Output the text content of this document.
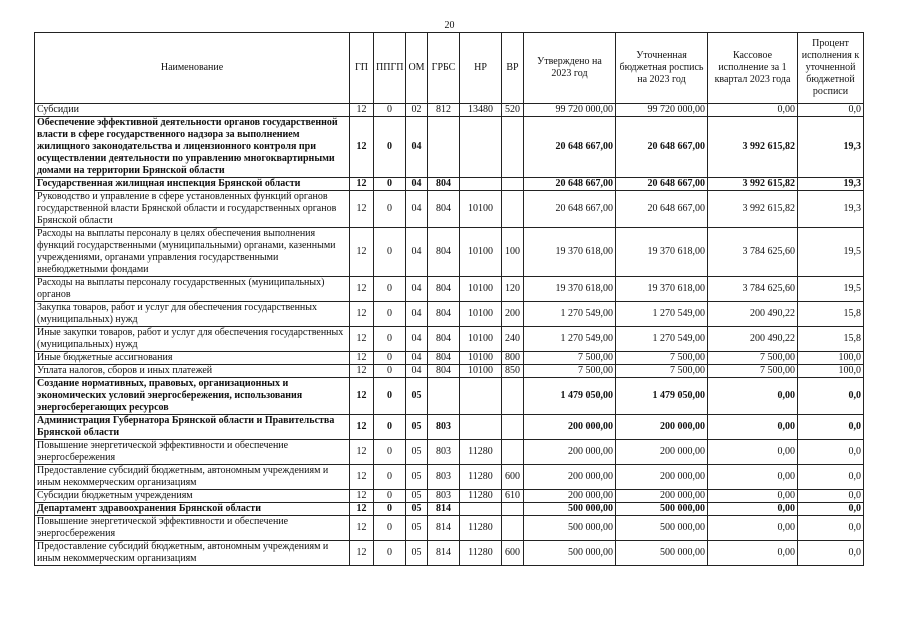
20
Наименование	ГП	ППГП	ОМ	ГРБС	НР	ВР	Утверждено на 2023 год	Уточненная бюджетная роспись на 2023 год	Кассовое исполнение за 1 квартал 2023 года	Процент исполнения к уточненной бюджетной росписи
Субсидии	12	0	02	812	13480	520	99 720 000,00	99 720 000,00	0,00	0,0
Обеспечение эффективной деятельности органов государственной власти в сфере государственного надзора за выполнением жилищного законодательства и лицензионного контроля при осуществлении деятельности по управлению многоквартирными домами на территории Брянской области	12	0	04				20 648 667,00	20 648 667,00	3 992 615,82	19,3
Государственная жилищная инспекция Брянской области	12	0	04	804			20 648 667,00	20 648 667,00	3 992 615,82	19,3
Руководство и управление в сфере установленных функций органов государственной власти Брянской области и государственных органов Брянской области	12	0	04	804	10100		20 648 667,00	20 648 667,00	3 992 615,82	19,3
Расходы на выплаты персоналу в целях обеспечения выполнения функций государственными (муниципальными) органами, казенными учреждениями, органами управления государственными внебюджетными фондами	12	0	04	804	10100	100	19 370 618,00	19 370 618,00	3 784 625,60	19,5
Расходы на выплаты персоналу государственных (муниципальных) органов	12	0	04	804	10100	120	19 370 618,00	19 370 618,00	3 784 625,60	19,5
Закупка товаров, работ и услуг для обеспечения государственных (муниципальных) нужд	12	0	04	804	10100	200	1 270 549,00	1 270 549,00	200 490,22	15,8
Иные закупки товаров, работ и услуг для обеспечения государственных (муниципальных) нужд	12	0	04	804	10100	240	1 270 549,00	1 270 549,00	200 490,22	15,8
Иные бюджетные ассигнования	12	0	04	804	10100	800	7 500,00	7 500,00	7 500,00	100,0
Уплата налогов, сборов и иных платежей	12	0	04	804	10100	850	7 500,00	7 500,00	7 500,00	100,0
Создание нормативных, правовых, организационных и экономических условий энергосбережения, использования энергосберегающих ресурсов	12	0	05				1 479 050,00	1 479 050,00	0,00	0,0
Администрация Губернатора Брянской области и Правительства Брянской области	12	0	05	803			200 000,00	200 000,00	0,00	0,0
Повышение энергетической эффективности и обеспечение энергосбережения	12	0	05	803	11280		200 000,00	200 000,00	0,00	0,0
Предоставление субсидий бюджетным, автономным учреждениям и иным некоммерческим организациям	12	0	05	803	11280	600	200 000,00	200 000,00	0,00	0,0
Субсидии бюджетным учреждениям	12	0	05	803	11280	610	200 000,00	200 000,00	0,00	0,0
Департамент здравоохранения Брянской области	12	0	05	814			500 000,00	500 000,00	0,00	0,0
Повышение энергетической эффективности и обеспечение энергосбережения	12	0	05	814	11280		500 000,00	500 000,00	0,00	0,0
Предоставление субсидий бюджетным, автономным учреждениям и иным некоммерческим организациям	12	0	05	814	11280	600	500 000,00	500 000,00	0,00	0,0
